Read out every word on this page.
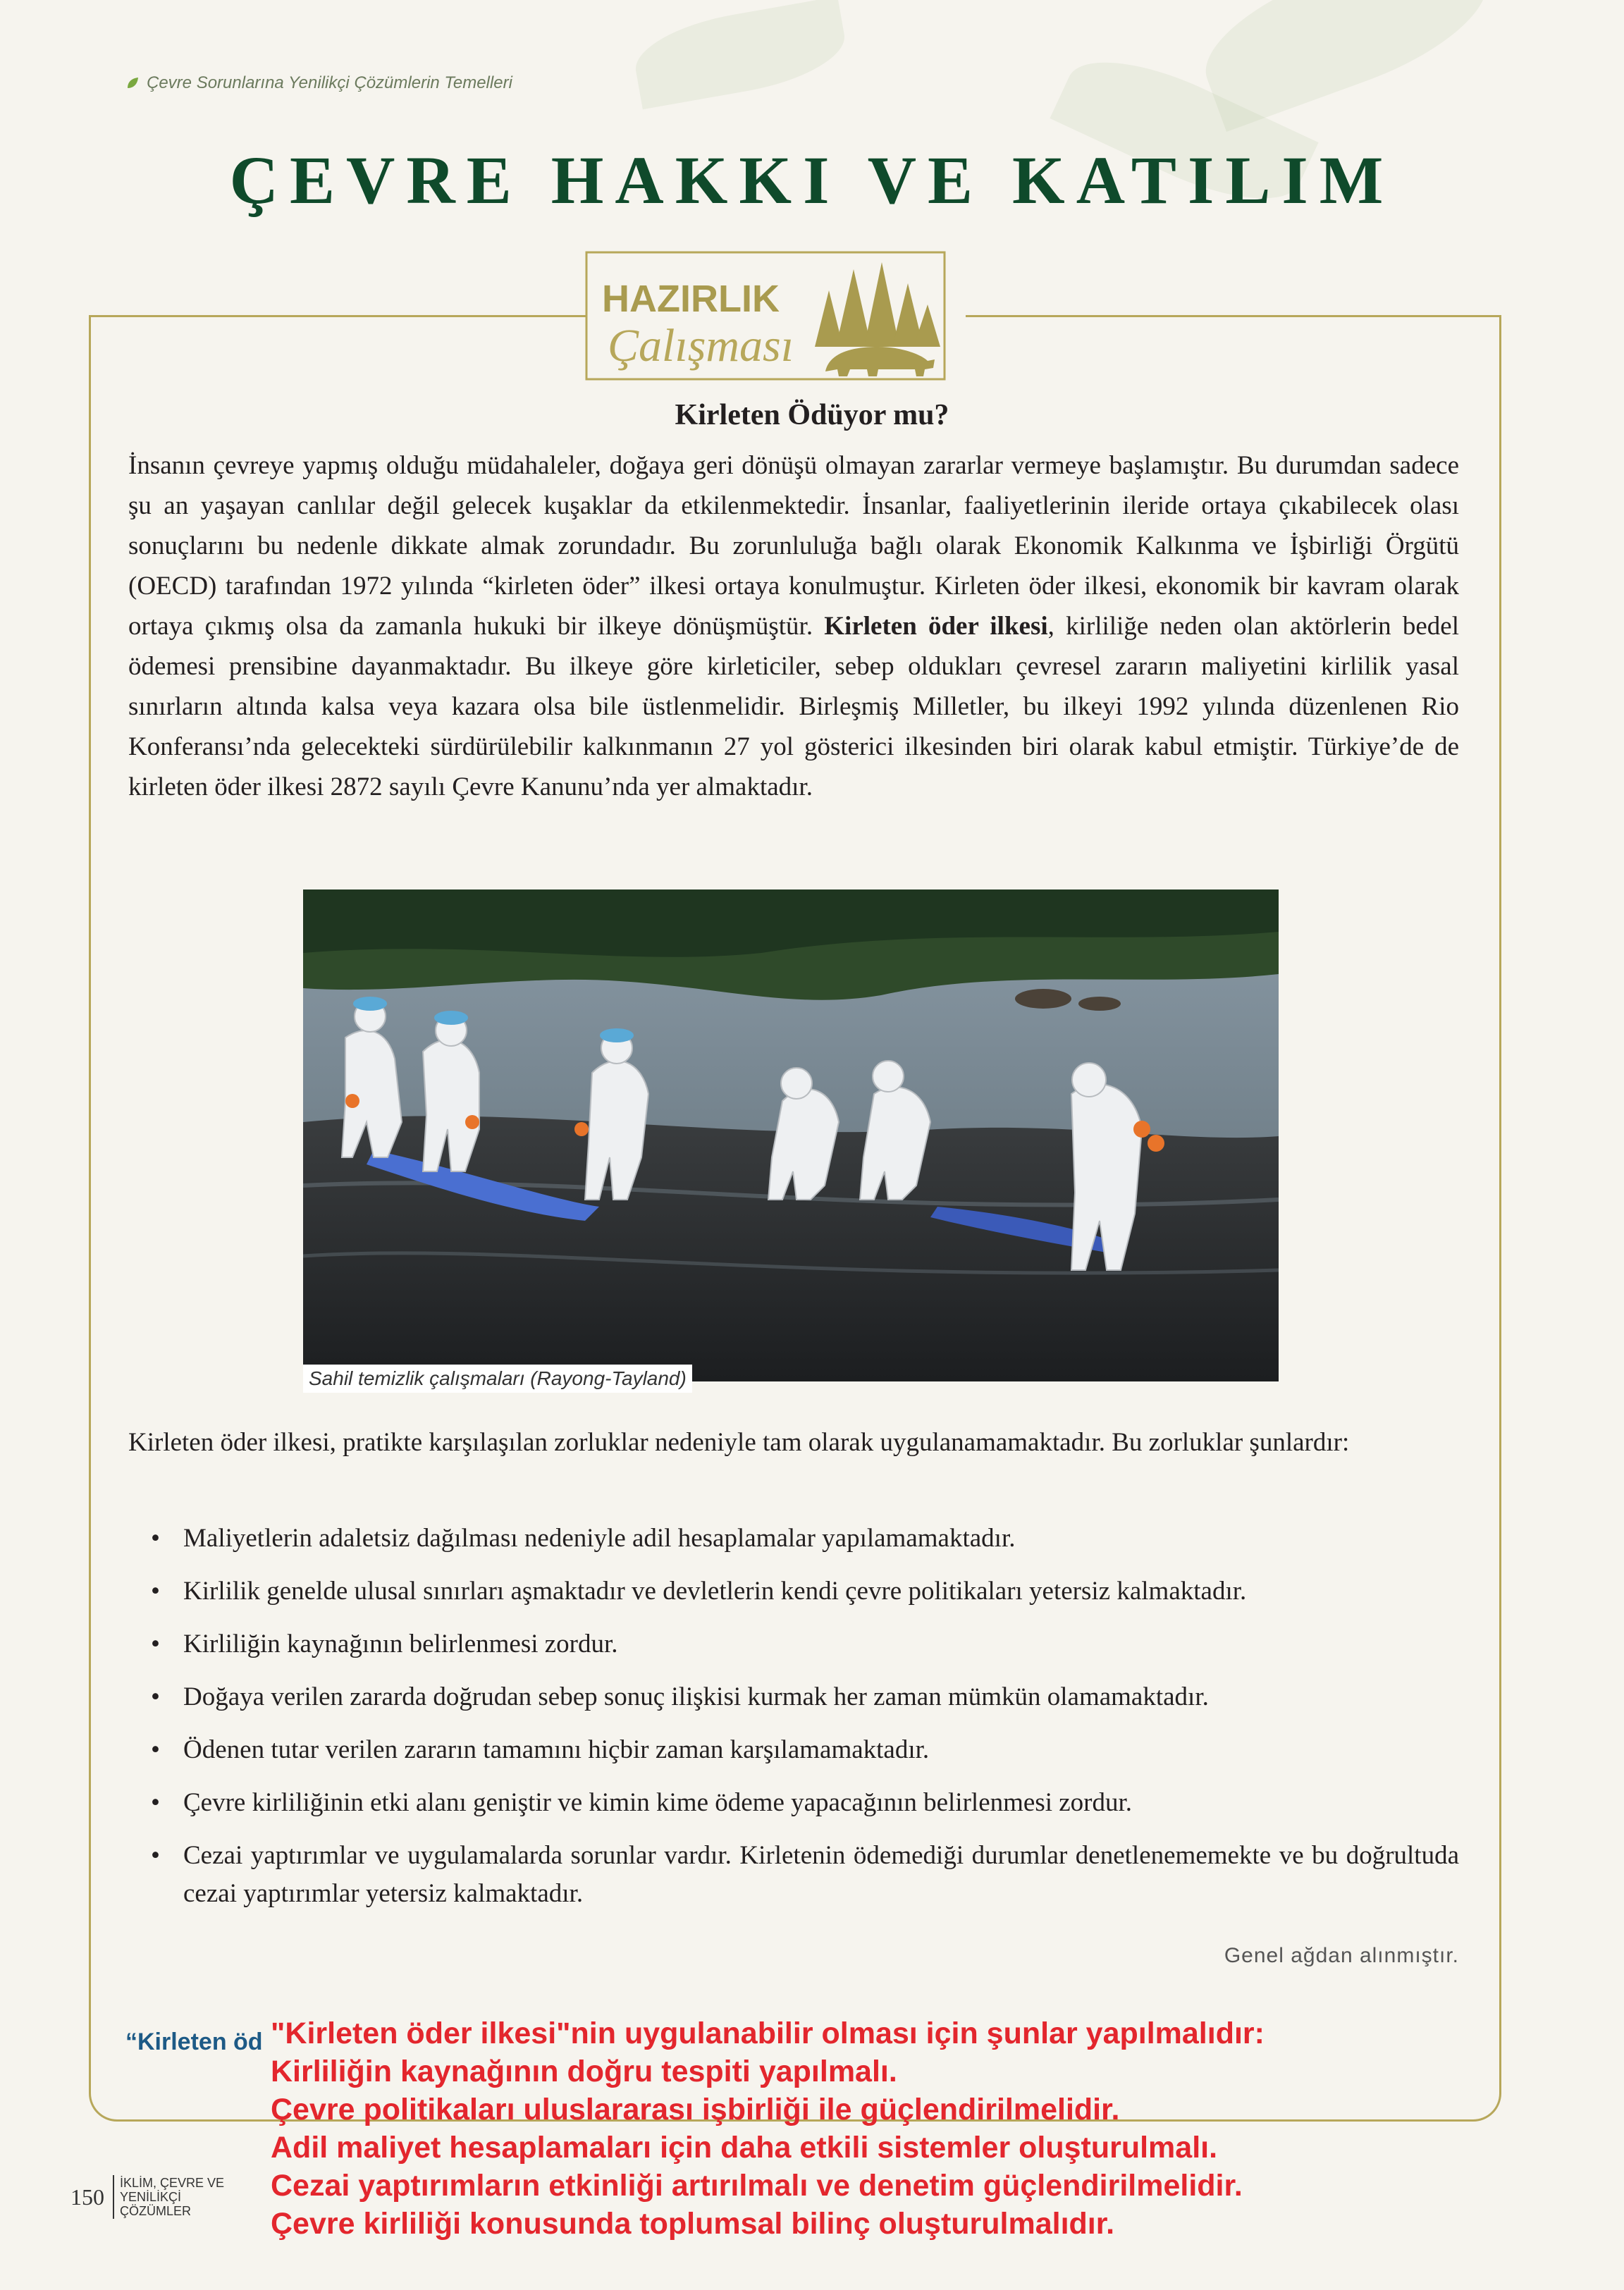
Çevre Sorunlarına Yenilikçi Çözümlerin Temelleri
ÇEVRE HAKKI VE KATILIM
HAZIRLIK
Çalışması
Kirleten Ödüyor mu?
İnsanın çevreye yapmış olduğu müdahaleler, doğaya geri dönüşü olmayan zararlar vermeye başlamıştır. Bu durumdan sadece şu an yaşayan canlılar değil gelecek kuşaklar da etkilenmektedir. İnsanlar, faaliyetlerinin ileride ortaya çıkabilecek olası sonuçlarını bu nedenle dikkate almak zorundadır. Bu zorunluluğa bağlı olarak Ekonomik Kalkınma ve İşbirliği Örgütü (OECD) tarafından 1972 yılında “kirleten öder” ilkesi ortaya konulmuştur. Kirleten öder ilkesi, ekonomik bir kavram olarak ortaya çıkmış olsa da zamanla hukuki bir ilkeye dönüşmüştür. Kirleten öder ilkesi, kirliliğe neden olan aktörlerin bedel ödemesi prensibine dayanmaktadır. Bu ilkeye göre kirleticiler, sebep oldukları çevresel zararın maliyetini kirlilik yasal sınırların altında kalsa veya kazara olsa bile üstlenmelidir. Birleşmiş Milletler, bu ilkeyi 1992 yılında düzenlenen Rio Konferansı’nda gelecekteki sürdürülebilir kalkınmanın 27 yol gösterici ilkesinden biri olarak kabul etmiştir. Türkiye’de de kirleten öder ilkesi 2872 sayılı Çevre Kanunu’nda yer almaktadır.
Sahil temizlik çalışmaları (Rayong-Tayland)
Kirleten öder ilkesi, pratikte karşılaşılan zorluklar nedeniyle tam olarak uygulanamamaktadır. Bu zorluklar şunlardır:
• Maliyetlerin adaletsiz dağılması nedeniyle adil hesaplamalar yapılamamaktadır.
• Kirlilik genelde ulusal sınırları aşmaktadır ve devletlerin kendi çevre politikaları yetersiz kalmaktadır.
• Kirliliğin kaynağının belirlenmesi zordur.
• Doğaya verilen zararda doğrudan sebep sonuç ilişkisi kurmak her zaman mümkün olamamaktadır.
• Ödenen tutar verilen zararın tamamını hiçbir zaman karşılamamaktadır.
• Çevre kirliliğinin etki alanı geniştir ve kimin kime ödeme yapacağının belirlenmesi zordur.
• Cezai yaptırımlar ve uygulamalarda sorunlar vardır. Kirletenin ödemediği durumlar denetlenememekte ve bu doğrultuda cezai yaptırımlar yetersiz kalmaktadır.
Genel ağdan alınmıştır.
“Kirleten öd "Kirleten öder ilkesi"nin uygulanabilir olması için şunlar yapılmalıdır:
Kirliliğin kaynağının doğru tespiti yapılmalı.
Çevre politikaları uluslararası işbirliği ile güçlendirilmelidir.
Adil maliyet hesaplamaları için daha etkili sistemler oluşturulmalı.
Cezai yaptırımların etkinliği artırılmalı ve denetim güçlendirilmelidir.
Çevre kirliliği konusunda toplumsal bilinç oluşturulmalıdır.
150
İKLİM, ÇEVRE VE
YENİLİKÇİ ÇÖZÜMLER
